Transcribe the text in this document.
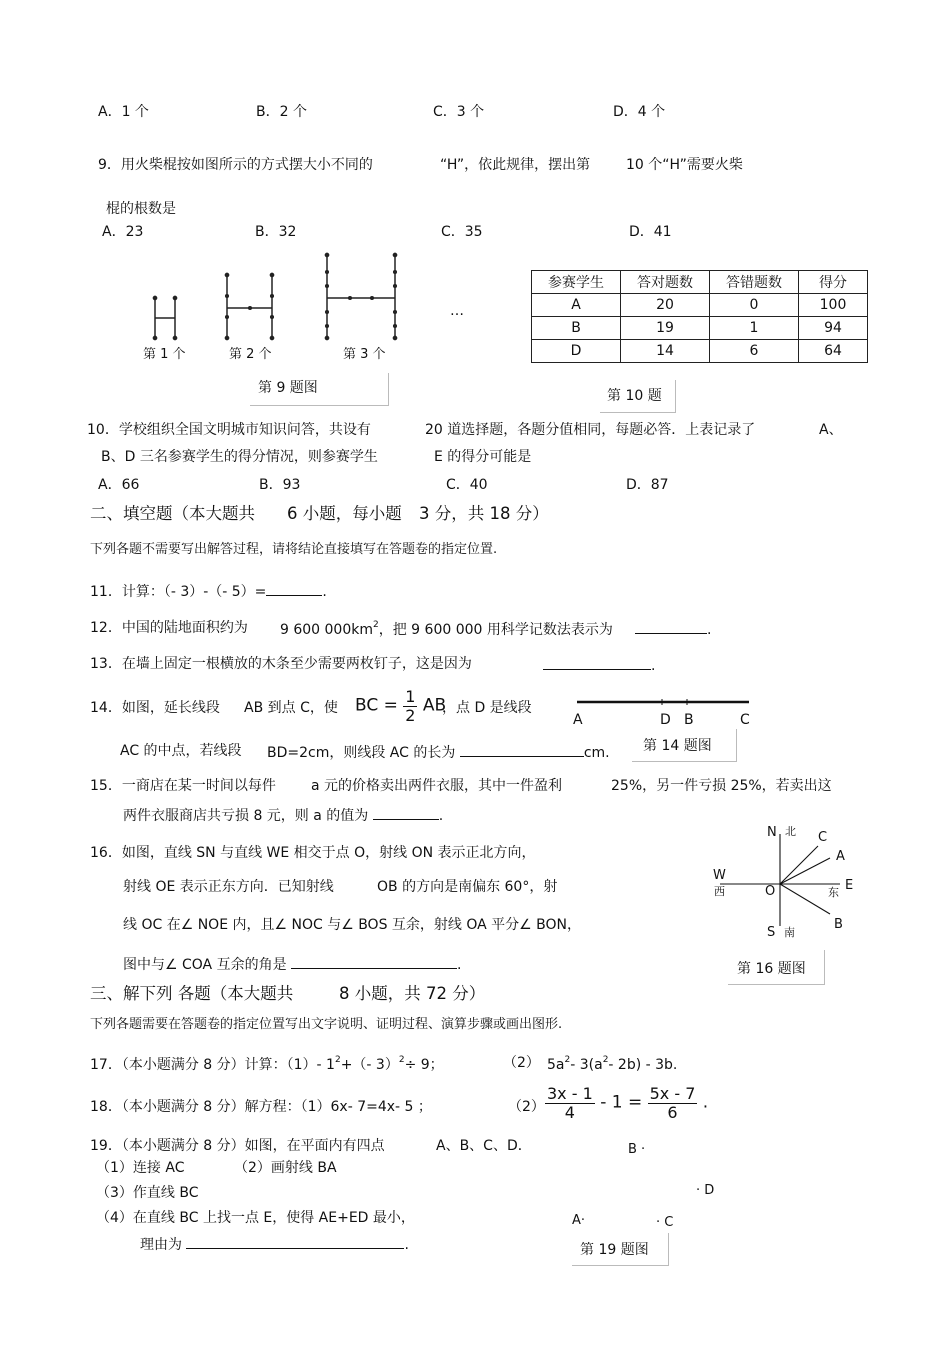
A．1 个	B．2 个	C．3 个	D．4 个
9．用火柴棍按如图所示的方式摆大小不同的	“H”，依此规律，摆出第	10 个“H”需要火柴
棍的根数是
A．23	B．32	C．35	D．41
第 1 个	第 2 个	第 3 个
…
第 9 题图
参赛学生	答对题数	答错题数	得分
A	20	0	100
B	19	1	94
D	14	6	64
第 10 题
10．学校组织全国文明城市知识问答，共设有	20 道选择题，各题分值相同，每题必答．上表记录了	A、
B、D 三名参赛学生的得分情况，则参赛学生	E 的得分可能是
A．66	B．93	C．40	D．87
二、填空题（本大题共 6 小题，每小题 3 分，共 18 分）
下列各题不需要写出解答过程，请将结论直接填写在答题卷的指定位置.
11．计算：（- 3）-（- 5）=	.
12．中国的陆地面积约为 9 600 $000km^2$，把 9 600 000 用科学记数法表示为	.
13．在墙上固定一根横放的木条至少需要两枚钉子，这是因为	.
14．如图，延长线段 AB 到点 C，使 BC = $\frac{1}{2}$ AB
，点 D 是线段
AC 的中点，若线段 BD=2cm，则线段 AC 的长为	cm.
A	D B	C
第 14 题图
15．一商店在某一时间以每件	a 元的价格卖出两件衣服，其中一件盈利	25%，另一件亏损 25%，若卖出这
两件衣服商店共亏损 8 元，则 a 的值为	.
16．如图，直线 SN 与直线 WE 相交于点 O，射线 ON 表示正北方向，
射线 OE 表示正东方向．已知射线	OB 的方向是南偏东 60°，射
线 OC 在∠ NOE 内，且∠ NOC 与∠ BOS 互余，射线 OA 平分∠ BON，
图中与∠ COA 互余的角是	.
N 北 C
A
W
西	O	E
东
B
S 南
第 16 题图
三、解下列 各题（本大题共	8 小题，共 72 分）
下列各题需要在答题卷的指定位置写出文字说明、证明过程、演算步骤或画出图形.
17．（本小题满分 8 分）计算：（1）- $1^2+(-$ 3）$^2$÷ 9；	（2） $5a^2-$ $3(a^2-$ 2b) - 3b.
18．（本小题满分 8 分）解方程：（1）6x- 7=4x- 5 ；	$(2) \frac{3x - 1}{4} - 1 = \frac{5x - 7}{6}$ .
19．（本小题满分 8 分）如图，在平面内有四点	A、B、C、D．
（1）连接 AC	（2）画射线 BA
（3）作直线 BC
（4）在直线 BC 上找一点 E，使得 AE+ED 最小，
理由为	.
B ·
· D
A·	· C
第 19 题图
